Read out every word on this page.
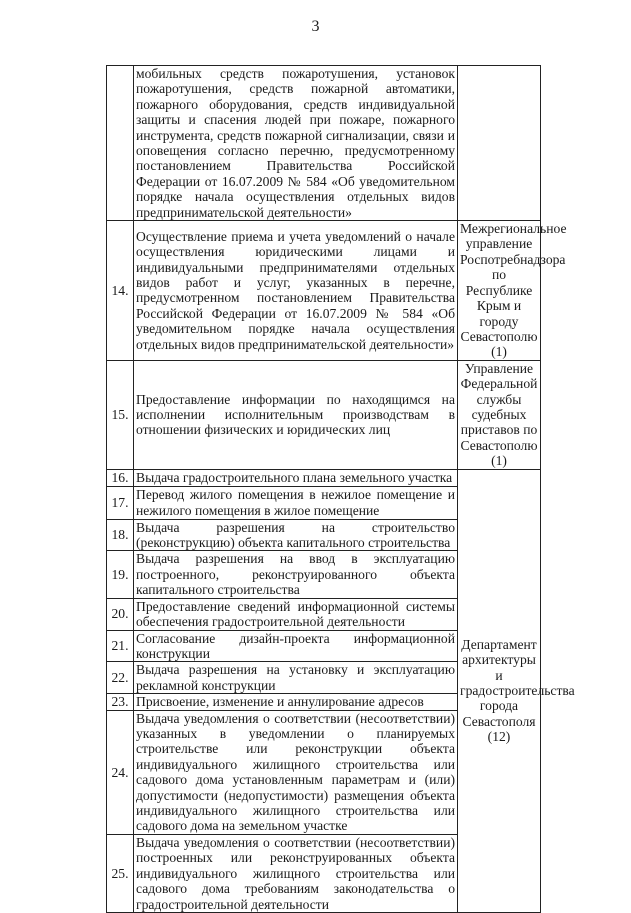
3
	мобильных средств пожаротушения, установок пожаротушения, средств пожарной автоматики, пожарного оборудования, средств индивидуальной защиты и спасения людей при пожаре, пожарного инструмента, средств пожарной сигнализации, связи и оповещения согласно перечню, предусмотренному постановлением Правительства Российской Федерации от 16.07.2009 № 584 «Об уведомительном порядке начала осуществления отдельных видов предпринимательской деятельности»	
14.	Осуществление приема и учета уведомлений о начале осуществления юридическими лицами и индивидуальными предпринимателями отдельных видов работ и услуг, указанных в перечне, предусмотренном постановлением Правительства Российской Федерации от 16.07.2009 № 584 «Об уведомительном порядке начала осуществления отдельных видов предпринимательской деятельности»	Межрегиональное управление Роспотребнадзора по Республике Крым и городу Севастополю
(1)

15.	Предоставление информации по находящимся на исполнении исполнительным производствам в отношении физических и юридических лиц	Управление Федеральной службы судебных приставов по Севастополю
(1)

16.	Выдача градостроительного плана земельного участка	Департамент архитектуры и градостроительства города Севастополя
(12)

17.	Перевод жилого помещения в нежилое помещение и нежилого помещения в жилое помещение	
18.	Выдача разрешения на строительство (реконструкцию) объекта капитального строительства	
19.	Выдача разрешения на ввод в эксплуатацию построенного, реконструированного объекта капитального строительства	
20.	Предоставление сведений информационной системы обеспечения градостроительной деятельности	
21.	Согласование дизайн-проекта информационной конструкции	
22.	Выдача разрешения на установку и эксплуатацию рекламной конструкции	
23.	Присвоение, изменение и аннулирование адресов	
24.	Выдача уведомления о соответствии (несоответствии) указанных в уведомлении о планируемых строительстве или реконструкции объекта индивидуального жилищного строительства или садового дома установленным параметрам и (или) допустимости (недопустимости) размещения объекта индивидуального жилищного строительства или садового дома на земельном участке	
25.	Выдача уведомления о соответствии (несоответствии) построенных или реконструированных объекта индивидуального жилищного строительства или садового дома требованиям законодательства о градостроительной деятельности	
